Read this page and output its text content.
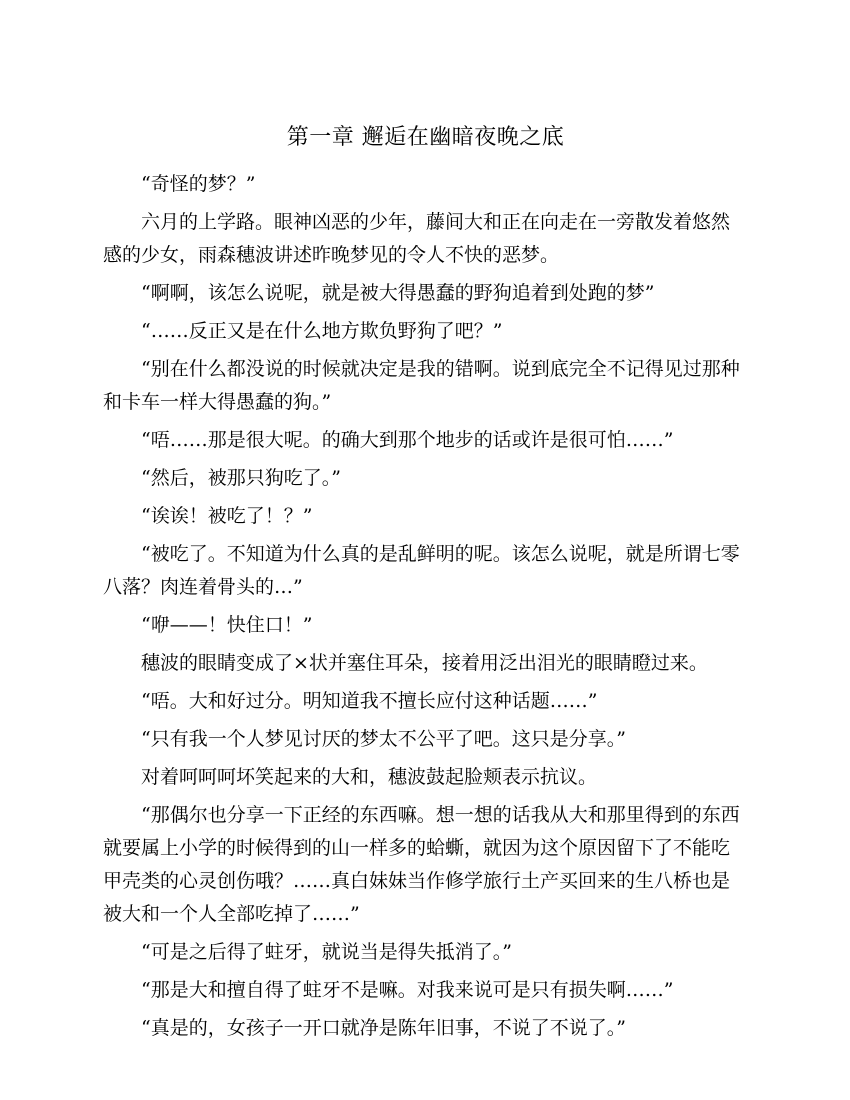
第一章 邂逅在幽暗夜晚之底

“奇怪的梦？”

六月的上学路。眼神凶恶的少年，藤间大和正在向走在一旁散发着悠然感的少女，雨森穗波讲述昨晚梦见的令人不快的恶梦。

“啊啊，该怎么说呢，就是被大得愚蠢的野狗追着到处跑的梦”

“……反正又是在什么地方欺负野狗了吧？”

“别在什么都没说的时候就决定是我的错啊。说到底完全不记得见过那种和卡车一样大得愚蠢的狗。”

“唔……那是很大呢。的确大到那个地步的话或许是很可怕……”

“然后，被那只狗吃了。”

“诶诶！被吃了！？”

“被吃了。不知道为什么真的是乱鲜明的呢。该怎么说呢，就是所谓七零八落？肉连着骨头的…”

“咿——！快住口！”

穗波的眼睛变成了×状并塞住耳朵，接着用泛出泪光的眼睛瞪过来。

“唔。大和好过分。明知道我不擅长应付这种话题……”

“只有我一个人梦见讨厌的梦太不公平了吧。这只是分享。”

对着呵呵呵坏笑起来的大和，穗波鼓起脸颊表示抗议。

“那偶尔也分享一下正经的东西嘛。想一想的话我从大和那里得到的东西就要属上小学的时候得到的山一样多的蛤蟖，就因为这个原因留下了不能吃甲壳类的心灵创伤哦？……真白妹妹当作修学旅行土产买回来的生八桥也是被大和一个人全部吃掉了……”

“可是之后得了蛀牙，就说当是得失抵消了。”

“那是大和擅自得了蛀牙不是嘛。对我来说可是只有损失啊……”

“真是的，女孩子一开口就净是陈年旧事，不说了不说了。”
